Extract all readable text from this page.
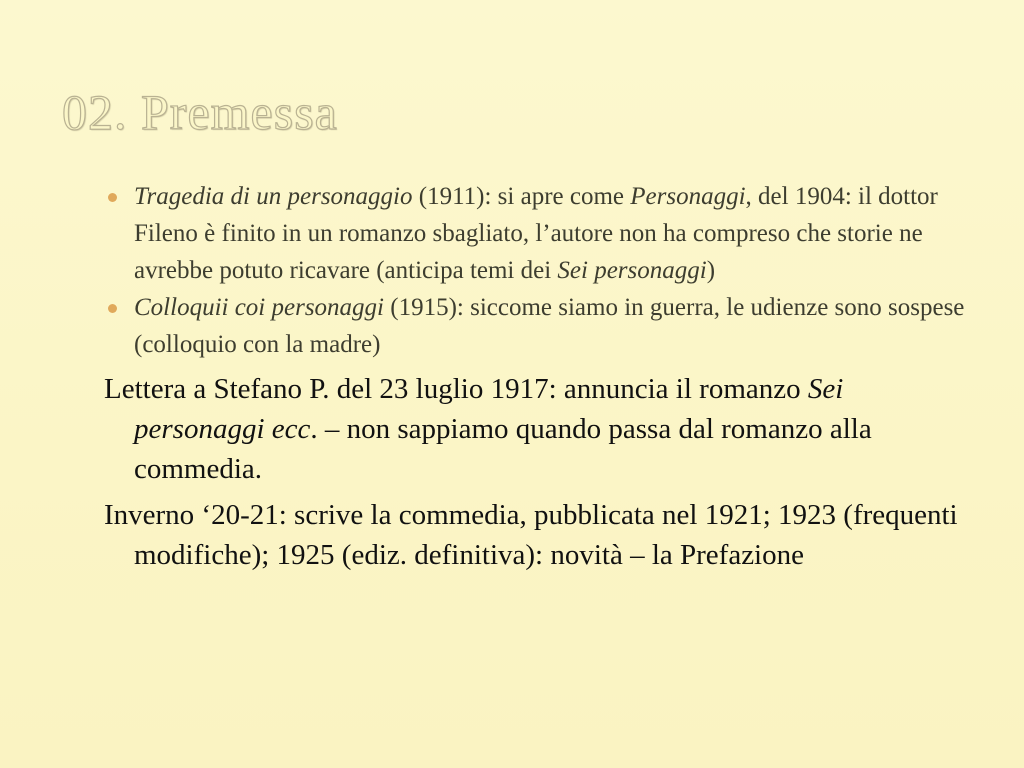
02. Premessa
Tragedia di un personaggio (1911): si apre come Personaggi, del 1904: il dottor Fileno è finito in un romanzo sbagliato, l’autore non ha compreso che storie ne avrebbe potuto ricavare (anticipa temi dei Sei personaggi)
Colloquii coi personaggi (1915): siccome siamo in guerra, le udienze sono sospese (colloquio con la madre)
Lettera a Stefano P. del 23 luglio 1917: annuncia il romanzo Sei personaggi ecc. – non sappiamo quando passa dal romanzo alla commedia.
Inverno ‘20-21: scrive la commedia, pubblicata nel 1921; 1923 (frequenti modifiche); 1925 (ediz. definitiva): novità – la Prefazione
